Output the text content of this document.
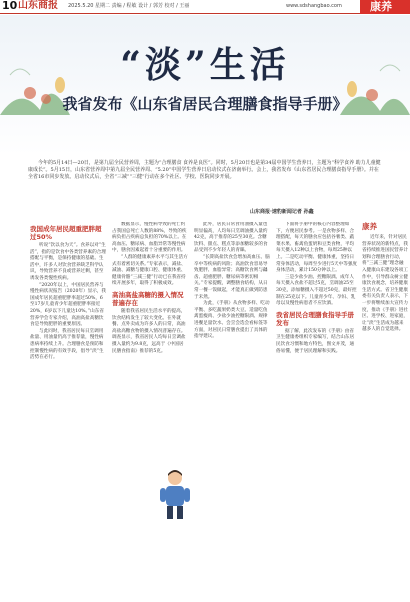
10 山东商报 2025.5.20 星期二 责编 / 程敏 设计 / 郭芳 校对 / 王丽	www.sdshangbao.com	康养
“淡”生活
我省发布《山东省居民合理膳食指导手册》

今年的5月14日—20日，是第九届全民营养周，主题为“合理膳食 食养是良医”。同时，5月20日也是第34届中国学生营养日，主题为“科学食养 助力儿童健康成长”。5月15日，山东省营养周中第九届全民营养周、“5.20”中国学生营养日启动仪式在济南举行。会上，我省发布《山东省居民合理膳食指导手册》。并在全省16市同步发放。启动仪式后，全省“三减”“三健”行动在多个社区、学校、医院同步开展。

山东商报·速豹新闻记者 孙鑫
我国成年居民超重肥胖超过50%

听说“饮以食为天”。食养以对“生活”，指的是饮食中各类营养素的合理搭配与平衡，是保持健康的基础。生活中，许多人对饮食营养缺乏科学认识，导致营养不良或营养过剩，甚至诱发各类慢性疾病。

“2020年以上，中国居民营养与慢性病状况报告（2020年）显示，我国成年居民超重肥胖率超过50%，6至17岁儿童青少年超重肥胖率接近20%，6岁以下儿童达10%。”山东省营养学会专家介绍，高油高盐高糖饮食是导致肥胖的重要原因。

与此同时，我省居民每日烹调用盐量、用油量仍高于推荐量，慢性病患病率持续上升。合理膳食是预防和控制慢性病的有效手段，倡导“淡”生活势在必行。

数据显示，慢性病导致的死亡约占我国总死亡人数的88%，导致的疾病负担占疾病总负担的70%以上。在高血压、糖尿病、血脂异常等慢性病中，膳食因素起着十分重要的作用。

“人群的健康素养水平与其生活方式有着密切关系。”专家表示，减盐、减油、减糖与健康口腔、健康体重、健康骨骼“三减三健”行动已在我省持续开展多年，取得了积极成效。

高油高盐高糖的摄入情况普遍存在

随着我省居民生活水平的提高，饮食结构发生了较大变化。在外就餐、点外卖成为许多人的日常，高油高盐高糖食物的摄入情况普遍存在。调查显示，我省居民人均每日烹调盐摄入量约为9.8克，远高于《中国居民膳食指南》推荐的5克。

此外，居民日常食用油摄入量也明显偏高，人均每日烹调油摄入量约42克，高于推荐的25至30克。含糖饮料、甜点、糕点等添加糖较多的食品受到不少年轻人的青睐。

“长期高盐饮食会增加高血压、脑卒中等疾病的风险；高油饮食容易导致肥胖、血脂异常；高糖饮食则与龋齿、超重肥胖、糖尿病等密切相关。”专家提醒，调整膳食结构，从日常一餐一饭做起，才能真正做到防患于未然。

为此，《手册》从食物多样、吃动平衡、多吃蔬果奶类大豆、适量吃鱼禽蛋瘦肉、少盐少油控糖限酒、规律进餐足量饮水、会烹会选会看标签等方面，对居民日常膳食提出了具体的指导建议。

下面将手册中的核心内容整理如下，方便居民参考。一是食物多样、合理搭配，每天的膳食应包括谷薯类、蔬菜水果、畜禽鱼蛋奶和豆类食物，平均每天摄入12种以上食物，每周25种以上。二是吃动平衡、健康体重，坚持日常身体活动，每周至少进行5天中等强度身体活动，累计150分钟以上。

三是少盐少油、控糖限酒。成年人每天摄入食盐不超过5克，烹调油25至30克，添加糖摄入不超过50克，最好控制在25克以下。儿童青少年、孕妇、乳母以及慢性病患者不应饮酒。

我省居民合理膳食指导手册发布

据了解，此次发布的《手册》由省卫生健康委组织专家编写，结合山东居民饮食习惯和地方特色，图文并茂，通俗易懂，便于居民理解和实践。

康养

近年来，针对居民营养状况的新特点，我省持续推进国民营养计划和合理膳食行动，将“三减三健”理念融入健康山东建设各项工作中，引导群众树立健康饮食观念，培养健康生活方式。省卫生健康委有关负责人表示，下一步将继续加大宣传力度，推动《手册》进社区、进学校、进家庭，让“淡”生活成为越来越多人的自觉选择。
